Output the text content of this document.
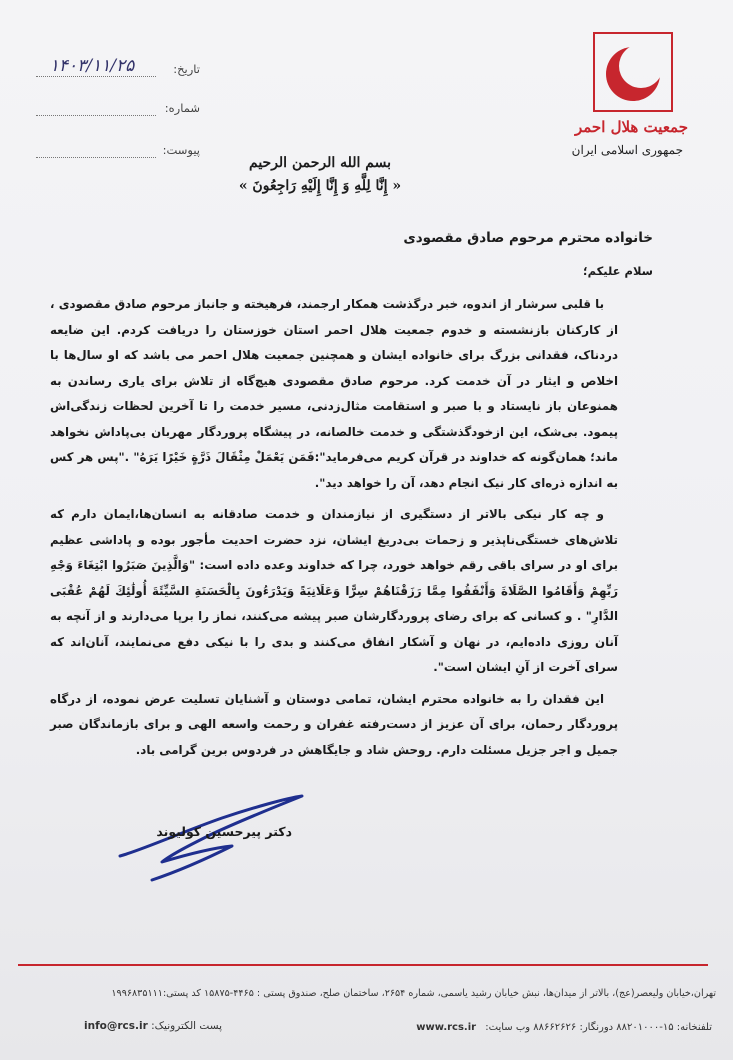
جمعیت هلال احمر
جمهوری اسلامی ایران
تاریخ:
۱۴۰۳/۱۱/۲۵
شماره:
پیوست:
بسم الله الرحمن الرحیم
« إِنَّا لِلَّهِ وَ إِنَّا إِلَيْهِ رَاجِعُونَ »
خانواده محترم مرحوم صادق مقصودی
سلام علیکم؛

با قلبی سرشار از اندوه، خبر درگذشت همکار ارجمند، فرهیخته و جانباز مرحوم صادق مقصودی ، از کارکنان بازنشسته و خدوم جمعیت هلال احمر استان خوزستان را دریافت کردم. این ضایعه دردناک، فقدانی بزرگ برای خانواده ایشان و همچنین جمعیت هلال احمر می باشد که او سال‌ها با اخلاص و ایثار در آن خدمت کرد. مرحوم صادق مقصودی هیچ‌گاه از تلاش برای یاری رساندن به همنوعان باز نایستاد و با صبر و استقامت مثال‌زدنی، مسیر خدمت را تا آخرین لحظات زندگی‌اش پیمود. بی‌شک، این ازخودگذشتگی و خدمت خالصانه، در پیشگاه پروردگار مهربان بی‌پاداش نخواهد ماند؛ همان‌گونه که خداوند در قرآن کریم می‌فرماید":فَمَن يَعْمَلْ مِثْقَالَ ذَرَّةٍ خَيْرًا يَرَهُ" ."پس هر کس به اندازه ذره‌ای کار نیک انجام دهد، آن را خواهد دید".

و چه کار نیکی بالاتر از دستگیری از نیازمندان و خدمت صادقانه به انسان‌ها،ایمان دارم که تلاش‌های خستگی‌ناپذیر و زحمات بی‌دریغ ایشان، نزد حضرت احدیت مأجور بوده و پاداشی عظیم برای او در سرای باقی رقم خواهد خورد، چرا که خداوند وعده داده است: "وَالَّذِينَ صَبَرُوا ابْتِغَاءَ وَجْهِ رَبِّهِمْ وَأَقَامُوا الصَّلَاةَ وَأَنْفَقُوا مِمَّا رَزَقْنَاهُمْ سِرًّا وَعَلَانِيَةً وَيَدْرَءُونَ بِالْحَسَنَةِ السَّيِّئَةَ أُولَٰئِكَ لَهُمْ عُقْبَى الدَّارِ" . و کسانی که برای رضای پروردگارشان صبر پیشه می‌کنند، نماز را برپا می‌دارند و از آنچه به آنان روزی داده‌ایم، در نهان و آشکار انفاق می‌کنند و بدی را با نیکی دفع می‌نمایند، آنان‌اند که سرای آخرت از آنِ ایشان است".

این فقدان را به خانواده محترم ایشان، تمامی دوستان و آشنایان تسلیت عرض نموده، از درگاه پروردگار رحمان، برای آن عزیز از دست‌رفته غفران و رحمت واسعه الهی و برای بازماندگان صبر جمیل و اجر جزیل مسئلت دارم. روحش شاد و جایگاهش در فردوس برین گرامی باد.

دکتر پیرحسین کولیوند
تهران،خیابان ولیعصر(عج)، بالاتر از میدان‌ها، نبش خیابان رشید یاسمی، شماره ۲۶۵۴، ساختمان صلح، صندوق پستی : ۴۴۶۵-۱۵۸۷۵ کد پستی:۱۹۹۶۸۳۵۱۱۱
تلفنخانه: ۱۵-۸۸۲۰۱۰۰۰ دورنگار: ۸۸۶۶۲۶۲۶ وب سایت: www.rcs.ir
پست الکترونیک: info@rcs.ir
